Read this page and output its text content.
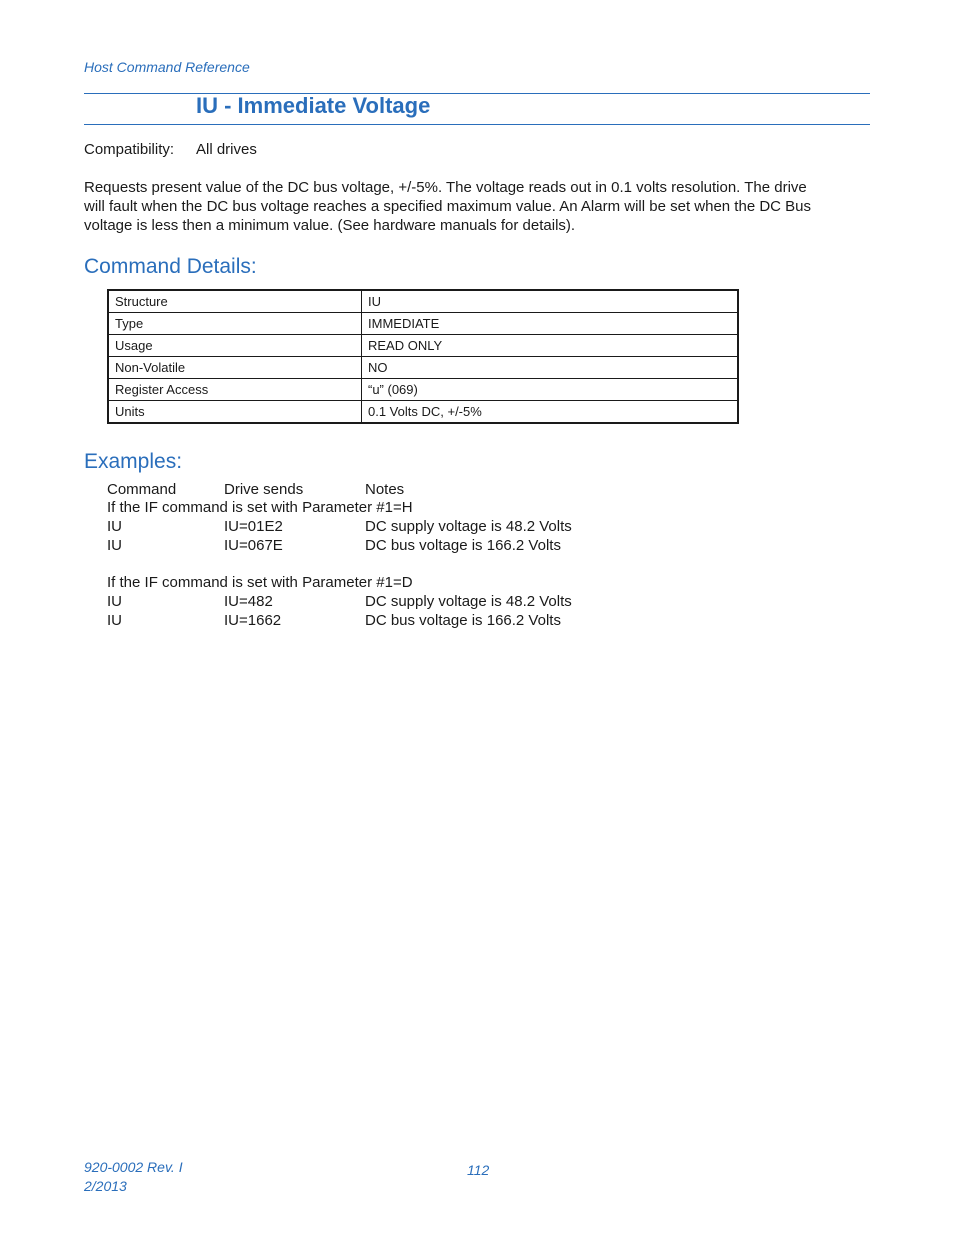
Host Command Reference
IU - Immediate Voltage
Compatibility: All drives
Requests present value of the DC bus voltage, +/-5%. The voltage reads out in 0.1 volts resolution. The drive
will fault when the DC bus voltage reaches a specified maximum value. An Alarm will be set when the DC Bus
voltage is less then a minimum value. (See hardware manuals for details).
Command Details:
Structure	IU
Type	IMMEDIATE
Usage	READ ONLY
Non-Volatile	NO
Register Access	“u” (069)
Units	0.1 Volts DC, +/-5%
Examples:
Command	Drive sends	Notes
If the IF command is set with Parameter #1=H
IU	IU=01E2	DC supply voltage is 48.2 Volts
IU	IU=067E	DC bus voltage is 166.2 Volts
If the IF command is set with Parameter #1=D
IU	IU=482	DC supply voltage is 48.2 Volts
IU	IU=1662	DC bus voltage is 166.2 Volts
920-0002 Rev. I
2/2013
112
